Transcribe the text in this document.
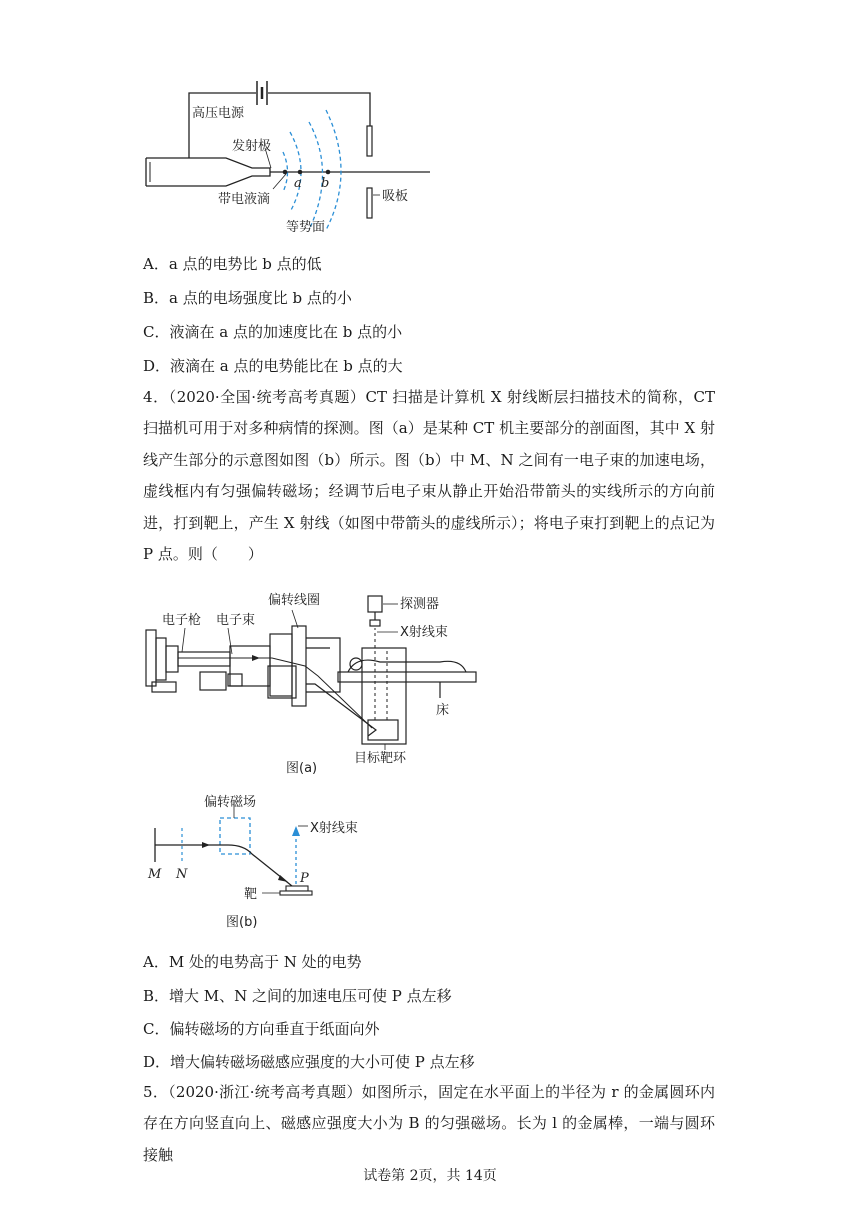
高压电源
发射极
带电液滴
等势面
吸板
a b
A．a 点的电势比 b 点的低
B．a 点的电场强度比 b 点的小
C．液滴在 a 点的加速度比在 b 点的小
D．液滴在 a 点的电势能比在 b 点的大
4．（2020·全国·统考高考真题）CT 扫描是计算机 X 射线断层扫描技术的简称，CT 扫描机可用于对多种病情的探测。图（a）是某种 CT 机主要部分的剖面图，其中 X 射线产生部分的示意图如图（b）所示。图（b）中 M、N 之间有一电子束的加速电场，虚线框内有匀强偏转磁场；经调节后电子束从静止开始沿带箭头的实线所示的方向前进，打到靶上，产生 X 射线（如图中带箭头的虚线所示）；将电子束打到靶上的点记为 P 点。则（　　）
电子枪 电子束
偏转线圈	探测器
X射线束
床
目标靶环
图(a)
偏转磁场
X射线束
M N	P
靶
图(b)
A．M 处的电势高于 N 处的电势
B．增大 M、N 之间的加速电压可使 P 点左移
C．偏转磁场的方向垂直于纸面向外
D．增大偏转磁场磁感应强度的大小可使 P 点左移
5．（2020·浙江·统考高考真题）如图所示，固定在水平面上的半径为 r 的金属圆环内存在方向竖直向上、磁感应强度大小为 B 的匀强磁场。长为 l 的金属棒，一端与圆环接触
试卷第 2页，共 14页
